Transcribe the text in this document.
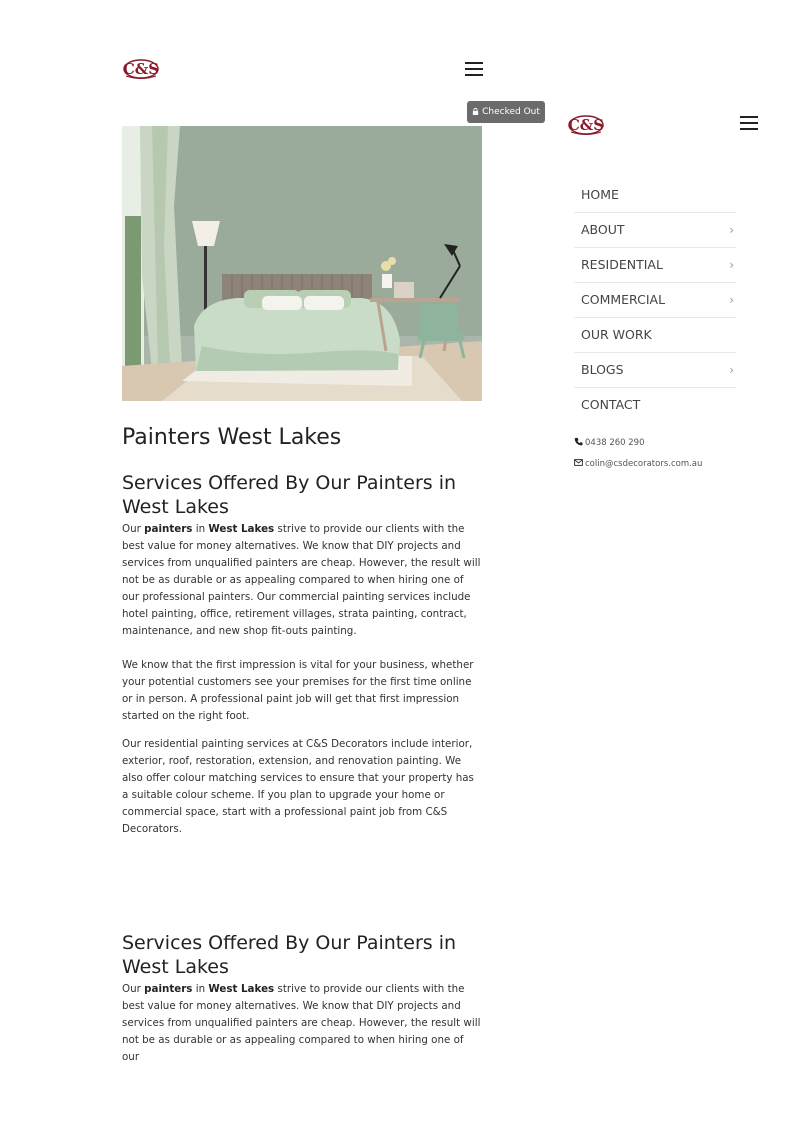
C&S
Checked Out
Painters West Lakes
Services Offered By Our Painters in West Lakes

Our painters in West Lakes strive to provide our clients with the best value for money alternatives. We know that DIY projects and services from unqualified painters are cheap. However, the result will not be as durable or as appealing compared to when hiring one of our professional painters. Our commercial painting services include hotel painting, office, retirement villages, strata painting, contract, maintenance, and new shop fit-outs painting.

We know that the first impression is vital for your business, whether your potential customers see your premises for the first time online or in person. A professional paint job will get that first impression started on the right foot.

Our residential painting services at C&S Decorators include interior, exterior, roof, restoration, extension, and renovation painting. We also offer colour matching services to ensure that your property has a suitable colour scheme. If you plan to upgrade your home or commercial space, start with a professional paint job from C&S Decorators.

Services Offered By Our Painters in West Lakes

Our painters in West Lakes strive to provide our clients with the best value for money alternatives. We know that DIY projects and services from unqualified painters are cheap. However, the result will not be as durable or as appealing compared to when hiring one of our

C&S
HOME
ABOUT	›
RESIDENTIAL	›
COMMERCIAL	›
OUR WORK
BLOGS	›
CONTACT
0438 260 290
colin@csdecorators.com.au
